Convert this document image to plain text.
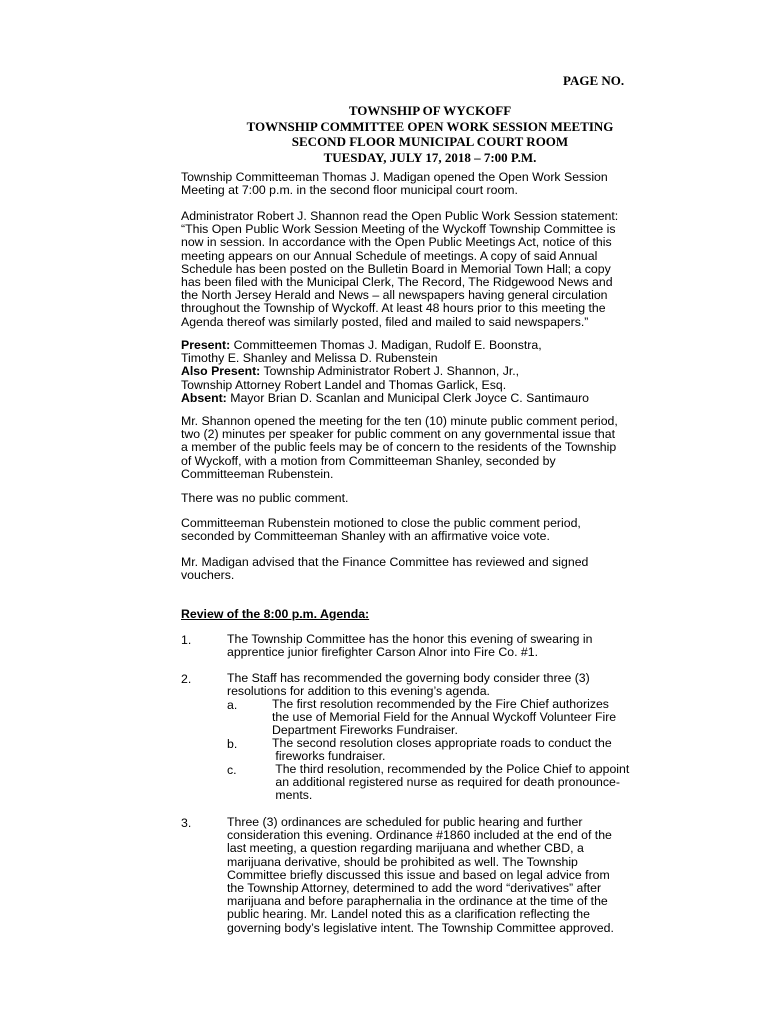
PAGE NO.
TOWNSHIP OF WYCKOFF
TOWNSHIP COMMITTEE OPEN WORK SESSION MEETING
SECOND FLOOR MUNICIPAL COURT ROOM
TUESDAY, JULY 17, 2018 – 7:00 P.M.
Township Committeeman Thomas J. Madigan opened the Open Work Session
Meeting at 7:00 p.m. in the second floor municipal court room.
Administrator Robert J. Shannon read the Open Public Work Session statement:
“This Open Public Work Session Meeting of the Wyckoff Township Committee is
now in session. In accordance with the Open Public Meetings Act, notice of this
meeting appears on our Annual Schedule of meetings. A copy of said Annual
Schedule has been posted on the Bulletin Board in Memorial Town Hall; a copy
has been filed with the Municipal Clerk, The Record, The Ridgewood News and
the North Jersey Herald and News – all newspapers having general circulation
throughout the Township of Wyckoff. At least 48 hours prior to this meeting the
Agenda thereof was similarly posted, filed and mailed to said newspapers.”
Present: Committeemen Thomas J. Madigan, Rudolf E. Boonstra,
Timothy E. Shanley and Melissa D. Rubenstein
Also Present: Township Administrator Robert J. Shannon, Jr.,
Township Attorney Robert Landel and Thomas Garlick, Esq.
Absent: Mayor Brian D. Scanlan and Municipal Clerk Joyce C. Santimauro
Mr. Shannon opened the meeting for the ten (10) minute public comment period,
two (2) minutes per speaker for public comment on any governmental issue that
a member of the public feels may be of concern to the residents of the Township
of Wyckoff, with a motion from Committeeman Shanley, seconded by
Committeeman Rubenstein.
There was no public comment.
Committeeman Rubenstein motioned to close the public comment period,
seconded by Committeeman Shanley with an affirmative voice vote.
Mr. Madigan advised that the Finance Committee has reviewed and signed
vouchers.
Review of the 8:00 p.m. Agenda:
1.	The Township Committee has the honor this evening of swearing in
apprentice junior firefighter Carson Alnor into Fire Co. #1.
2.	The Staff has recommended the governing body consider three (3)
resolutions for addition to this evening’s agenda.
a.	The first resolution recommended by the Fire Chief authorizes
the use of Memorial Field for the Annual Wyckoff Volunteer Fire
Department Fireworks Fundraiser.
b.	The second resolution closes appropriate roads to conduct the
fireworks fundraiser.
c.	The third resolution, recommended by the Police Chief to appoint
an additional registered nurse as required for death pronounce-
ments.
3.	Three (3) ordinances are scheduled for public hearing and further
consideration this evening. Ordinance #1860 included at the end of the
last meeting, a question regarding marijuana and whether CBD, a
marijuana derivative, should be prohibited as well. The Township
Committee briefly discussed this issue and based on legal advice from
the Township Attorney, determined to add the word “derivatives” after
marijuana and before paraphernalia in the ordinance at the time of the
public hearing. Mr. Landel noted this as a clarification reflecting the
governing body’s legislative intent. The Township Committee approved.
